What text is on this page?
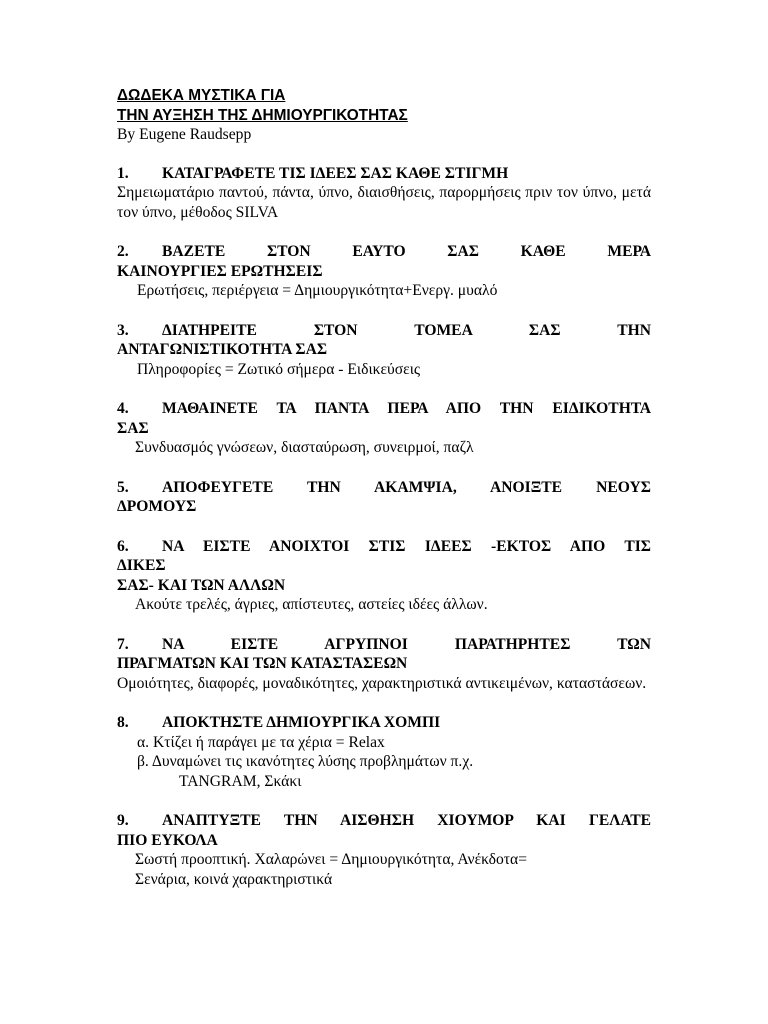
ΔΩΔΕΚΑ ΜΥΣΤΙΚΑ ΓΙΑ
ΤΗΝ ΑΥΞΗΣΗ ΤΗΣ ΔΗΜΙΟΥΡΓΙΚΟΤΗΤΑΣ
By Eugene Raudsepp
1. ΚΑΤΑΓΡΑΦΕΤΕ ΤΙΣ ΙΔΕΕΣ ΣΑΣ ΚΑΘΕ ΣΤΙΓΜΗ
Σημειωματάριο παντού, πάντα, ύπνο, διαισθήσεις, παρορμήσεις πριν τον ύπνο, μετά τον ύπνο, μέθοδος SILVA
2. ΒΑΖΕΤΕ ΣΤΟΝ ΕΑΥΤΟ ΣΑΣ ΚΑΘΕ ΜΕΡΑ
ΚΑΙΝΟΥΡΓΙΕΣ ΕΡΩΤΗΣΕΙΣ
Ερωτήσεις, περιέργεια = Δημιουργικότητα+Ενεργ. μυαλό
3. ΔΙΑΤΗΡΕΙΤΕ ΣΤΟΝ ΤΟΜΕΑ ΣΑΣ ΤΗΝ
ΑΝΤΑΓΩΝΙΣΤΙΚΟΤΗΤΑ ΣΑΣ
Πληροφορίες = Ζωτικό σήμερα - Ειδικεύσεις
4. ΜΑΘΑΙΝΕΤΕ ΤΑ ΠΑΝΤΑ ΠΕΡΑ ΑΠΟ ΤΗΝ ΕΙΔΙΚΟΤΗΤΑ
ΣΑΣ
Συνδυασμός γνώσεων, διασταύρωση, συνειρμοί, παζλ
5. ΑΠΟΦΕΥΓΕΤΕ ΤΗΝ ΑΚΑΜΨΙΑ, ΑΝΟΙΞΤΕ ΝΕΟΥΣ
ΔΡΟΜΟΥΣ
6. ΝΑ ΕΙΣΤΕ ΑΝΟΙΧΤΟΙ ΣΤΙΣ ΙΔΕΕΣ -ΕΚΤΟΣ ΑΠΟ ΤΙΣ
ΔΙΚΕΣ
ΣΑΣ- ΚΑΙ ΤΩΝ ΑΛΛΩΝ
Ακούτε τρελές, άγριες, απίστευτες, αστείες ιδέες άλλων.
7. ΝΑ ΕΙΣΤΕ ΑΓΡΥΠΝΟΙ ΠΑΡΑΤΗΡΗΤΕΣ ΤΩΝ
ΠΡΑΓΜΑΤΩΝ ΚΑΙ ΤΩΝ ΚΑΤΑΣΤΑΣΕΩΝ
Ομοιότητες, διαφορές, μοναδικότητες, χαρακτηριστικά αντικειμένων, καταστάσεων.
8. ΑΠΟΚΤΗΣΤΕ ΔΗΜΙΟΥΡΓΙΚΑ ΧΟΜΠΙ
α. Κτίζει ή παράγει με τα χέρια = Relax
β. Δυναμώνει τις ικανότητες λύσης προβλημάτων π.χ.
TANGRAM, Σκάκι
9. ΑΝΑΠΤΥΞΤΕ ΤΗΝ ΑΙΣΘΗΣΗ ΧΙΟΥΜΟΡ ΚΑΙ ΓΕΛΑΤΕ
ΠΙΟ ΕΥΚΟΛΑ
Σωστή προοπτική. Χαλαρώνει = Δημιουργικότητα, Ανέκδοτα=
Σενάρια, κοινά χαρακτηριστικά
